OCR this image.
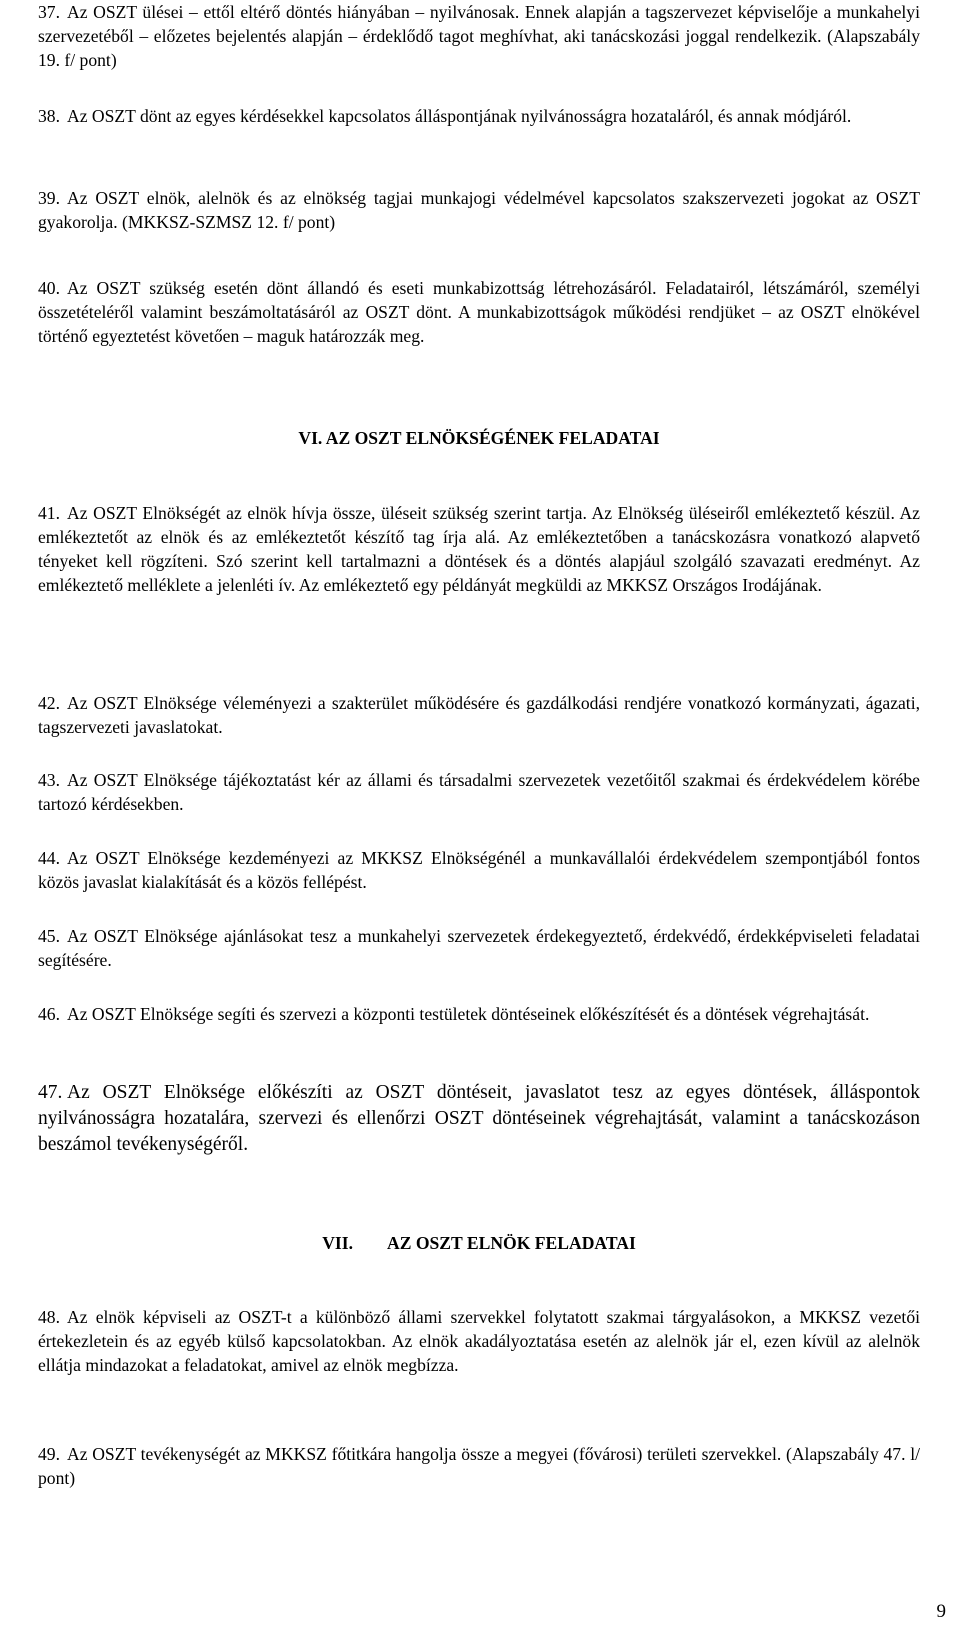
37. Az OSZT ülései – ettől eltérő döntés hiányában – nyilvánosak. Ennek alapján a tagszervezet képviselője a munkahelyi szervezetéből – előzetes bejelentés alapján – érdeklődő tagot meghívhat, aki tanácskozási joggal rendelkezik. (Alapszabály 19. f/ pont)

38. Az OSZT dönt az egyes kérdésekkel kapcsolatos álláspontjának nyilvánosságra hozataláról, és annak módjáról.

39. Az OSZT elnök, alelnök és az elnökség tagjai munkajogi védelmével kapcsolatos szakszervezeti jogokat az OSZT gyakorolja. (MKKSZ-SZMSZ 12. f/ pont)

40. Az OSZT szükség esetén dönt állandó és eseti munkabizottság létrehozásáról. Feladatairól, létszámáról, személyi összetételéről valamint beszámoltatásáról az OSZT dönt. A munkabizottságok működési rendjüket – az OSZT elnökével történő egyeztetést követően – maguk határozzák meg.

VI. AZ OSZT ELNÖKSÉGÉNEK FELADATAI

41. Az OSZT Elnökségét az elnök hívja össze, üléseit szükség szerint tartja. Az Elnökség üléseiről emlékeztető készül. Az emlékeztetőt az elnök és az emlékeztetőt készítő tag írja alá. Az emlékeztetőben a tanácskozásra vonatkozó alapvető tényeket kell rögzíteni. Szó szerint kell tartalmazni a döntések és a döntés alapjául szolgáló szavazati eredményt. Az emlékeztető melléklete a jelenléti ív. Az emlékeztető egy példányát megküldi az MKKSZ Országos Irodájának.

42. Az OSZT Elnöksége véleményezi a szakterület működésére és gazdálkodási rendjére vonatkozó kormányzati, ágazati, tagszervezeti javaslatokat.

43. Az OSZT Elnöksége tájékoztatást kér az állami és társadalmi szervezetek vezetőitől szakmai és érdekvédelem körébe tartozó kérdésekben.

44. Az OSZT Elnöksége kezdeményezi az MKKSZ Elnökségénél a munkavállalói érdekvédelem szempontjából fontos közös javaslat kialakítását és a közös fellépést.

45. Az OSZT Elnöksége ajánlásokat tesz a munkahelyi szervezetek érdekegyeztető, érdekvédő, érdekképviseleti feladatai segítésére.

46. Az OSZT Elnöksége segíti és szervezi a központi testületek döntéseinek előkészítését és a döntések végrehajtását.

47. Az OSZT Elnöksége előkészíti az OSZT döntéseit, javaslatot tesz az egyes döntések, álláspontok nyilvánosságra hozatalára, szervezi és ellenőrzi OSZT döntéseinek végrehajtását, valamint a tanácskozáson beszámol tevékenységéről.

VII. AZ OSZT ELNÖK FELADATAI

48. Az elnök képviseli az OSZT-t a különböző állami szervekkel folytatott szakmai tárgyalásokon, a MKKSZ vezetői értekezletein és az egyéb külső kapcsolatokban. Az elnök akadályoztatása esetén az alelnök jár el, ezen kívül az alelnök ellátja mindazokat a feladatokat, amivel az elnök megbízza.

49. Az OSZT tevékenységét az MKKSZ főtitkára hangolja össze a megyei (fővárosi) területi szervekkel. (Alapszabály 47. l/ pont)

9
